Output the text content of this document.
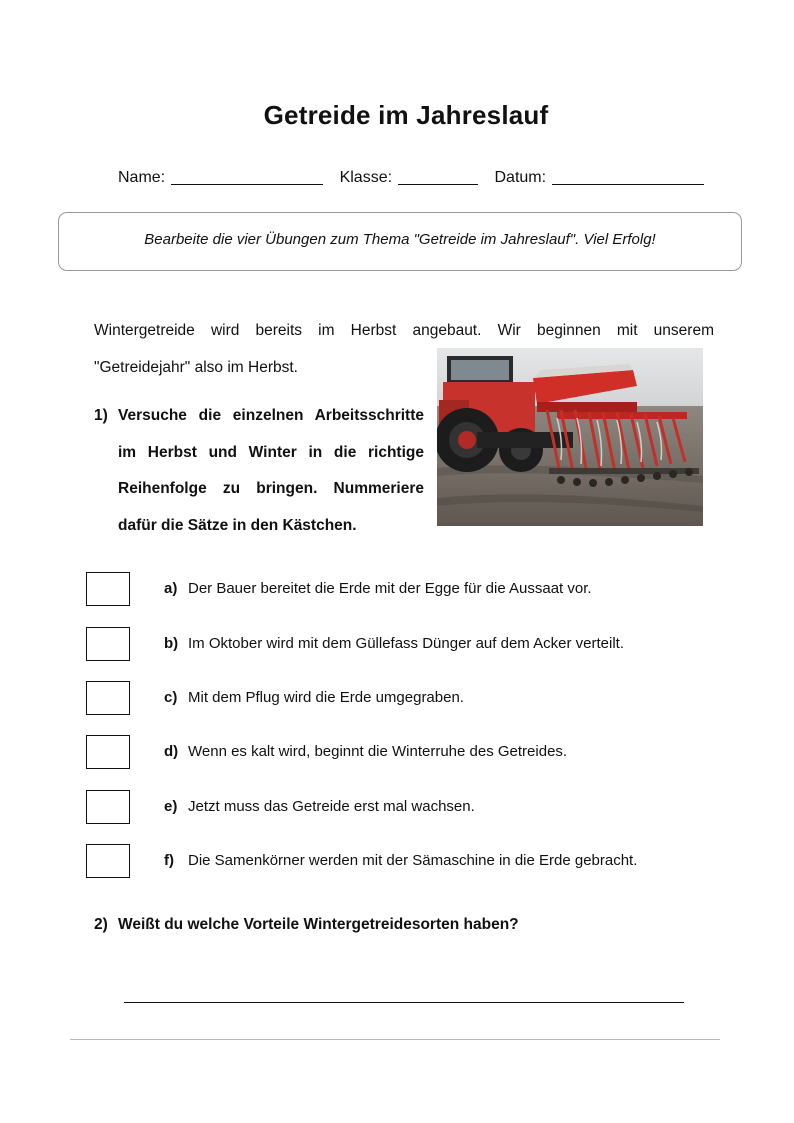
Getreide im Jahreslauf
Name:	Klasse:	Datum:
Bearbeite die vier Übungen zum Thema "Getreide im Jahreslauf". Viel Erfolg!

Wintergetreide wird bereits im Herbst angebaut. Wir beginnen mit unserem

"Getreidejahr" also im Herbst.

1) Versuche die einzelnen Arbeitsschritte im Herbst und Winter in die richtige Reihenfolge zu bringen. Nummeriere dafür die Sätze in den Kästchen.
a) Der Bauer bereitet die Erde mit der Egge für die Aussaat vor.
b) Im Oktober wird mit dem Güllefass Dünger auf dem Acker verteilt.
c) Mit dem Pflug wird die Erde umgegraben.
d) Wenn es kalt wird, beginnt die Winterruhe des Getreides.
e) Jetzt muss das Getreide erst mal wachsen.
f) Die Samenkörner werden mit der Sämaschine in die Erde gebracht.
2) Weißt du welche Vorteile Wintergetreidesorten haben?
